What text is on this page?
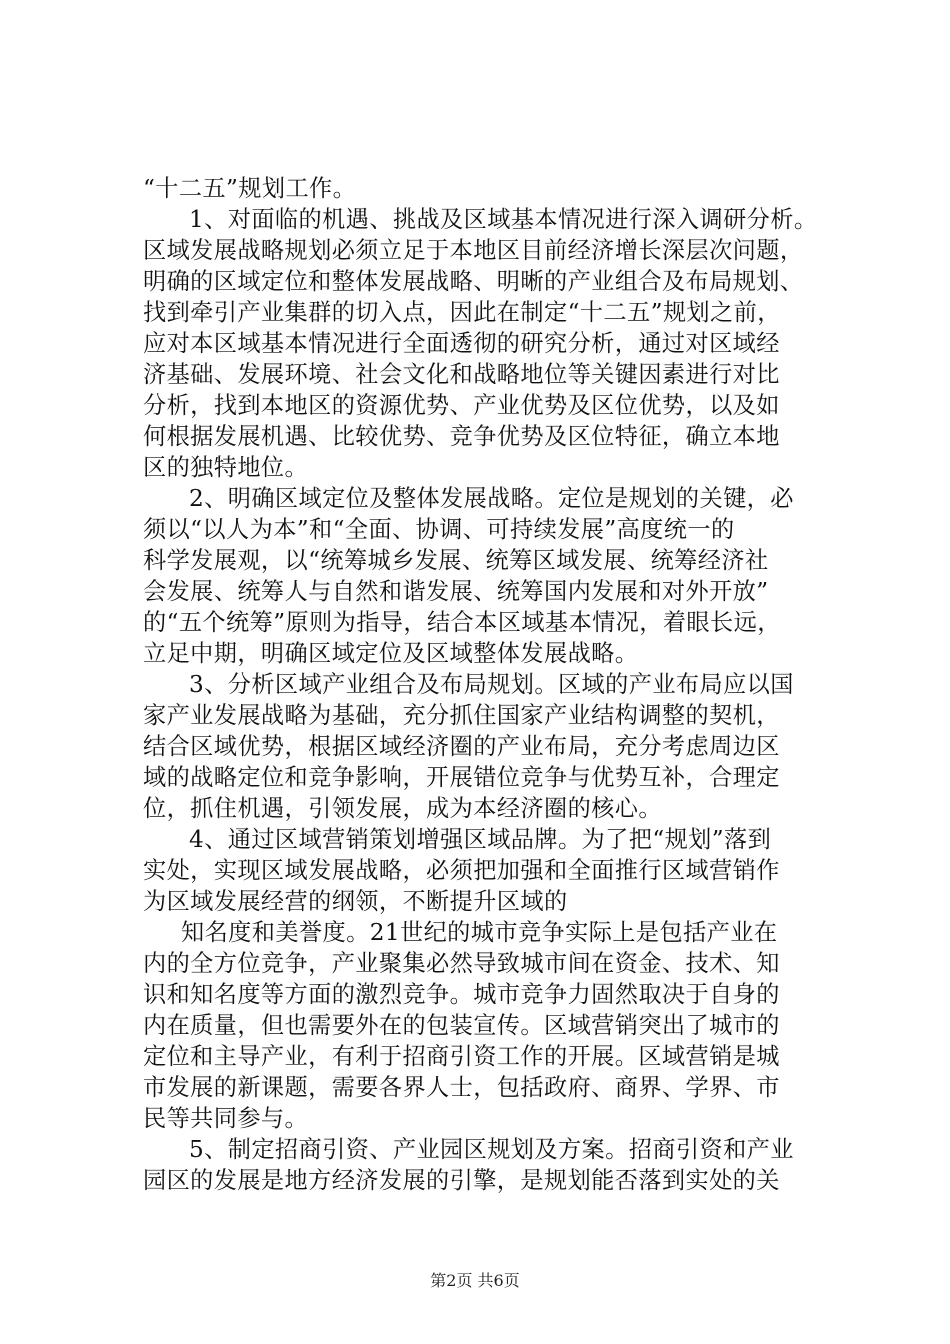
“十二五”规划工作。
1、对面临的机遇、挑战及区域基本情况进行深入调研分析。
区域发展战略规划必须立足于本地区目前经济增长深层次问题，
明确的区域定位和整体发展战略、明晰的产业组合及布局规划、
找到牵引产业集群的切入点，因此在制定“十二五”规划之前，
应对本区域基本情况进行全面透彻的研究分析，通过对区域经
济基础、发展环境、社会文化和战略地位等关键因素进行对比
分析，找到本地区的资源优势、产业优势及区位优势，以及如
何根据发展机遇、比较优势、竞争优势及区位特征，确立本地
区的独特地位。
2、明确区域定位及整体发展战略。定位是规划的关键，必
须以“以人为本”和“全面、协调、可持续发展”高度统一的
科学发展观，以“统筹城乡发展、统筹区域发展、统筹经济社
会发展、统筹人与自然和谐发展、统筹国内发展和对外开放”
的“五个统筹”原则为指导，结合本区域基本情况，着眼长远，
立足中期，明确区域定位及区域整体发展战略。
3、分析区域产业组合及布局规划。区域的产业布局应以国
家产业发展战略为基础，充分抓住国家产业结构调整的契机，
结合区域优势，根据区域经济圈的产业布局，充分考虑周边区
域的战略定位和竞争影响，开展错位竞争与优势互补，合理定
位，抓住机遇，引领发展，成为本经济圈的核心。
4、通过区域营销策划增强区域品牌。为了把“规划”落到
实处，实现区域发展战略，必须把加强和全面推行区域营销作
为区域发展经营的纲领，不断提升区域的
知名度和美誉度。21世纪的城市竞争实际上是包括产业在
内的全方位竞争，产业聚集必然导致城市间在资金、技术、知
识和知名度等方面的激烈竞争。城市竞争力固然取决于自身的
内在质量，但也需要外在的包装宣传。区域营销突出了城市的
定位和主导产业，有利于招商引资工作的开展。区域营销是城
市发展的新课题，需要各界人士，包括政府、商界、学界、市
民等共同参与。
5、制定招商引资、产业园区规划及方案。招商引资和产业
园区的发展是地方经济发展的引擎，是规划能否落到实处的关
第2页 共6页
